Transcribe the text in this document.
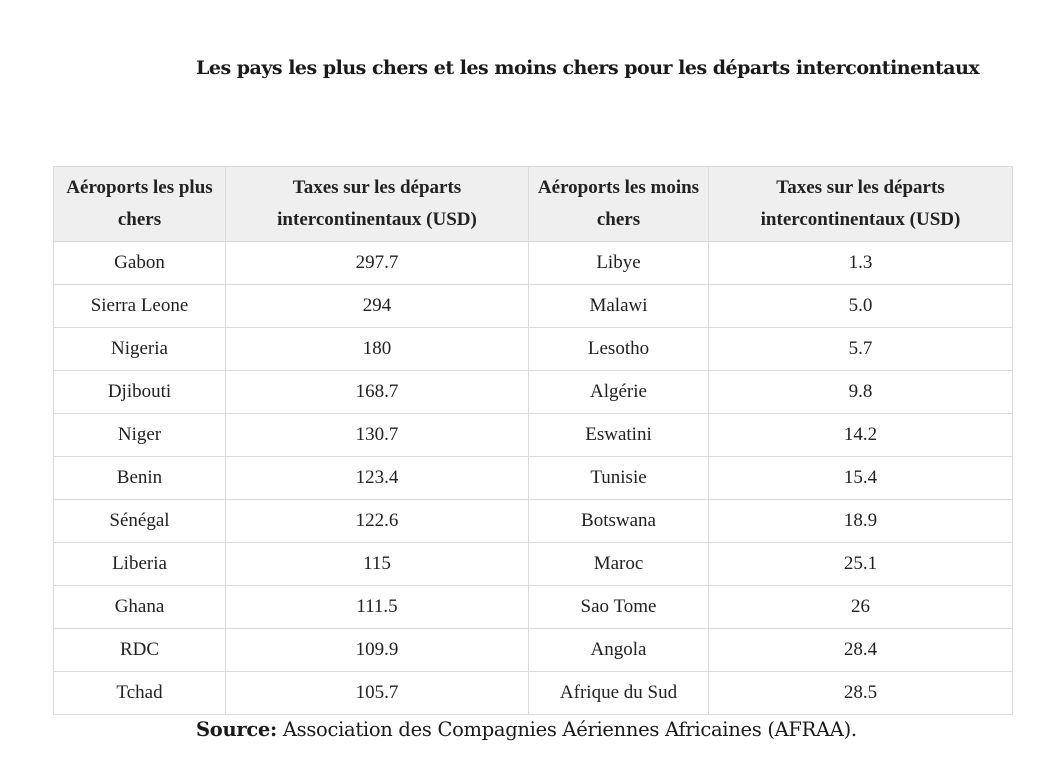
Les pays les plus chers et les moins chers pour les départs intercontinentaux
Aéroports les plus chers	Taxes sur les départs intercontinentaux (USD)	Aéroports les moins chers	Taxes sur les départs intercontinentaux (USD)
Gabon	297.7	Libye	1.3
Sierra Leone	294	Malawi	5.0
Nigeria	180	Lesotho	5.7
Djibouti	168.7	Algérie	9.8
Niger	130.7	Eswatini	14.2
Benin	123.4	Tunisie	15.4
Sénégal	122.6	Botswana	18.9
Liberia	115	Maroc	25.1
Ghana	111.5	Sao Tome	26
RDC	109.9	Angola	28.4
Tchad	105.7	Afrique du Sud	28.5

Source: Association des Compagnies Aériennes Africaines (AFRAA).
